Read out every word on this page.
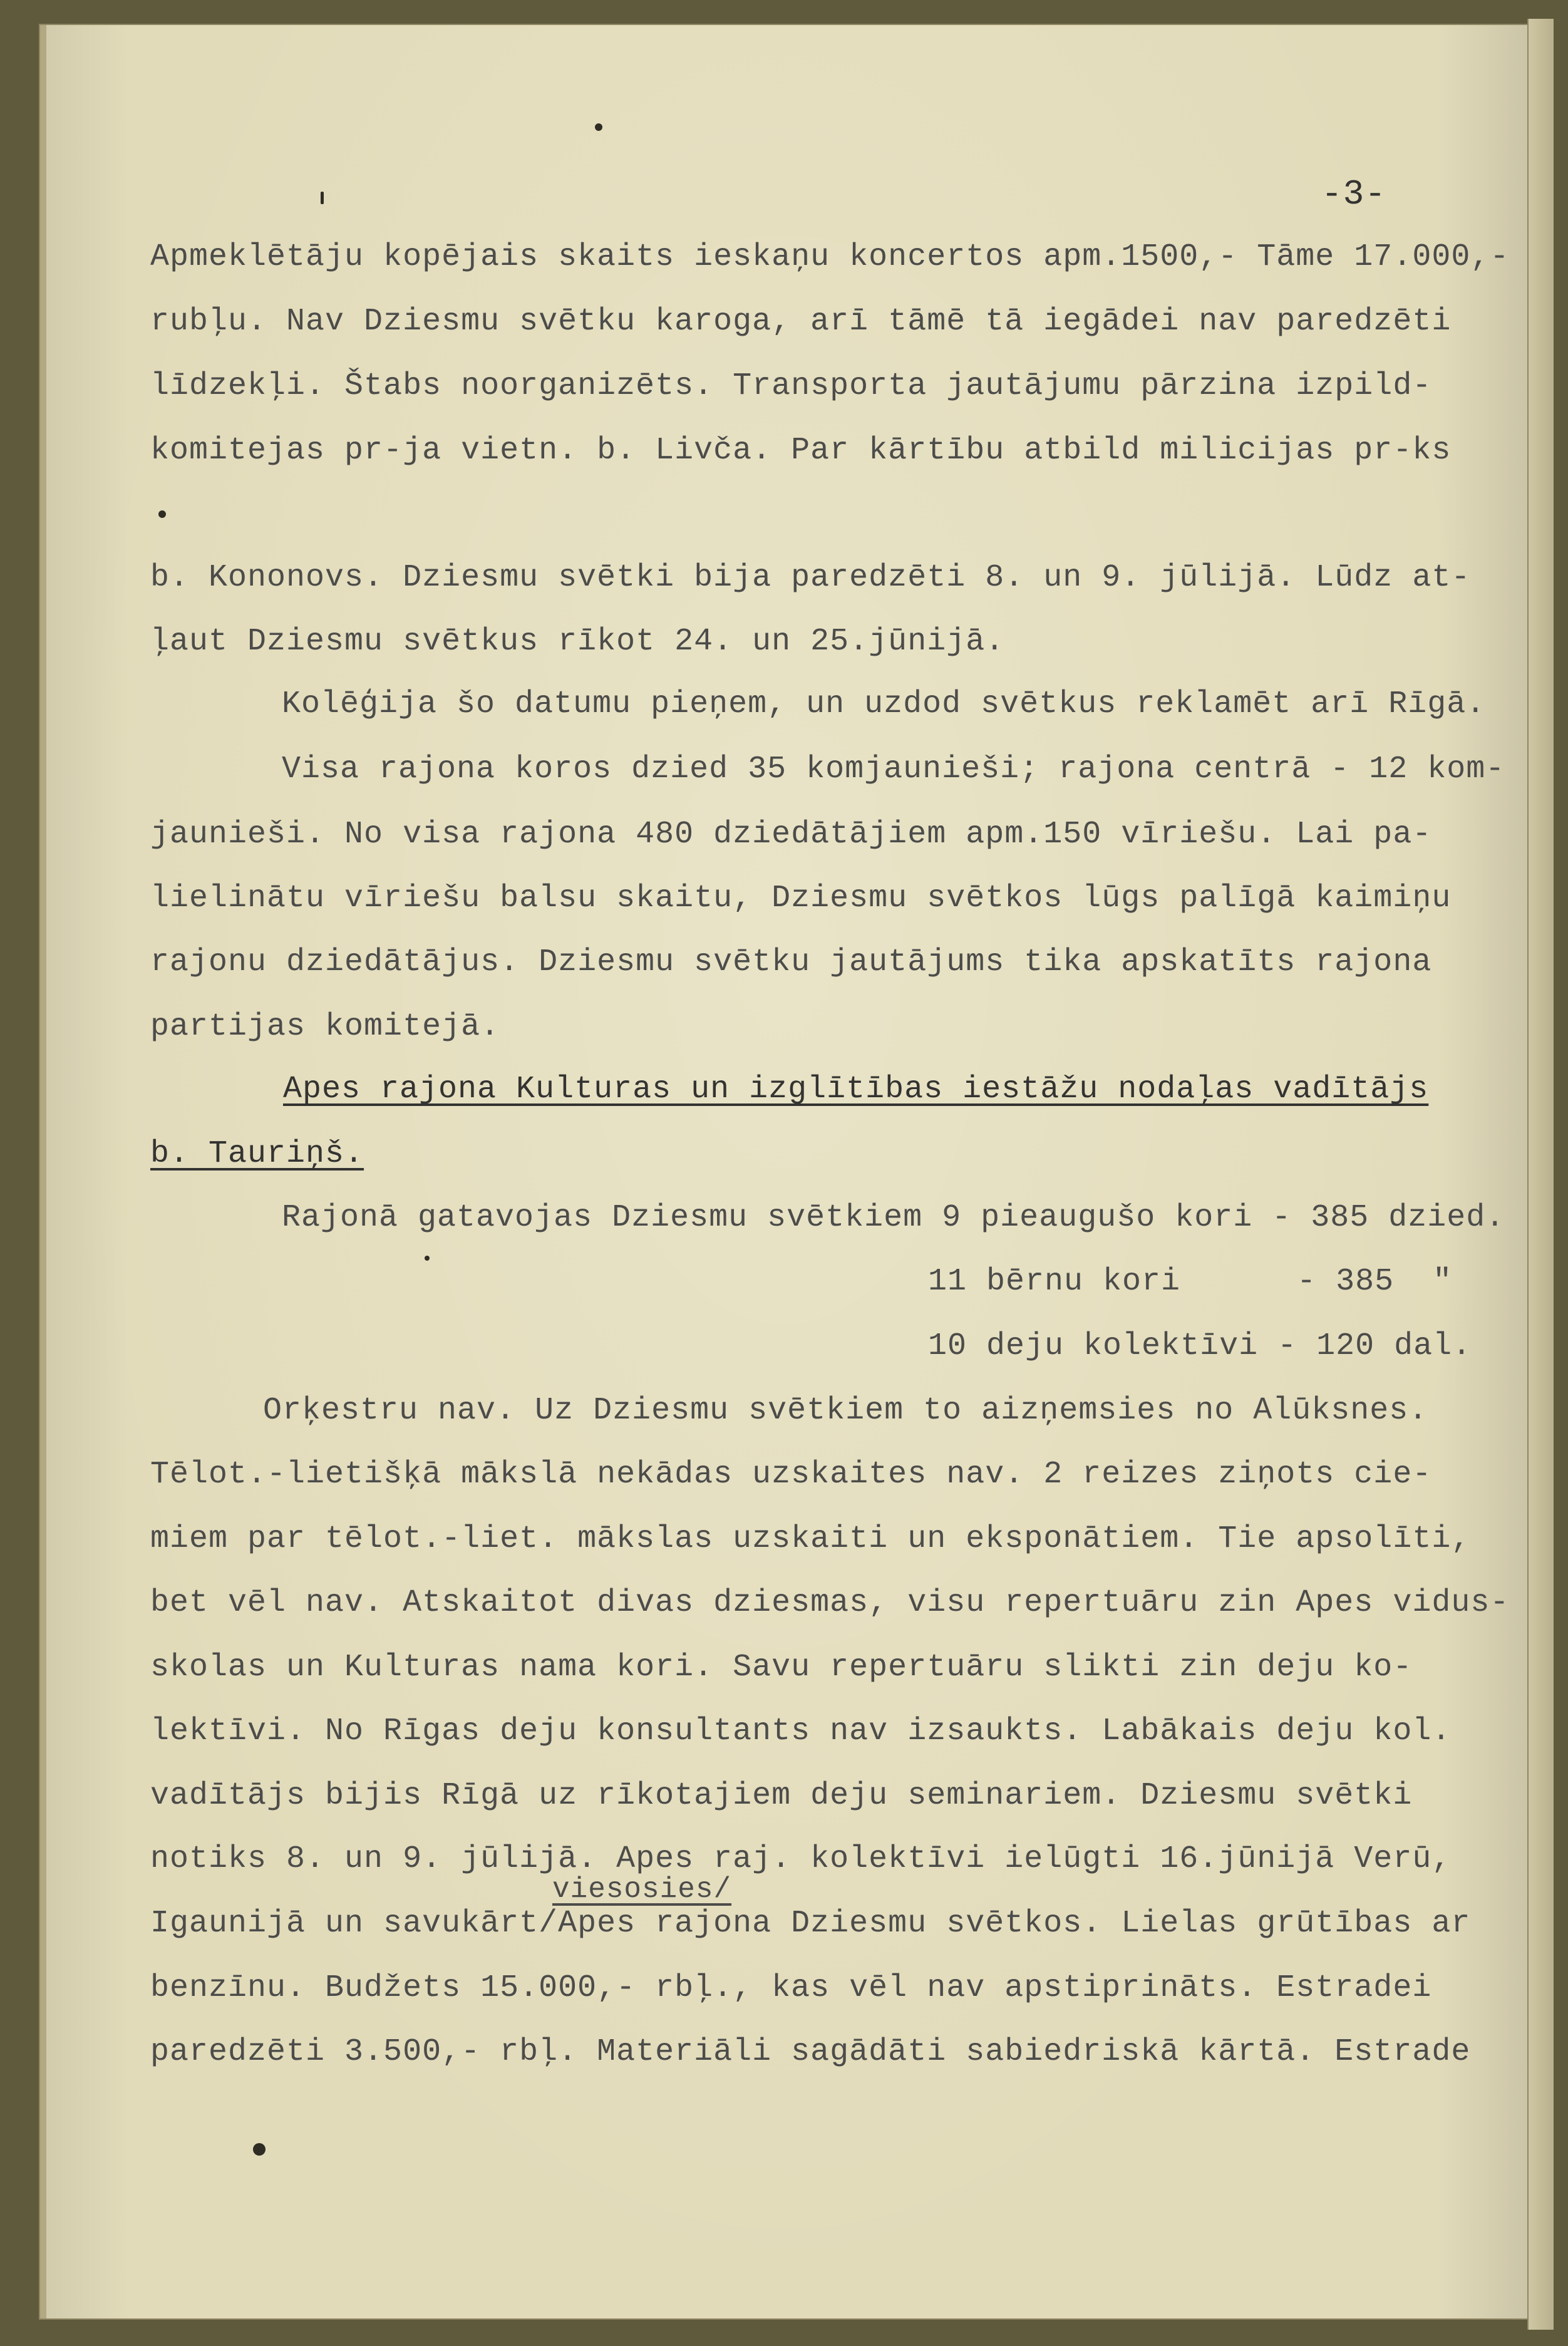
-3-
Apmeklētāju kopējais skaits ieskaņu koncertos apm.1500,- Tāme 17.000,-
rubļu. Nav Dziesmu svētku karoga, arī tāmē tā iegādei nav paredzēti
līdzekļi. Štabs noorganizēts. Transporta jautājumu pārzina izpild-
komitejas pr-ja vietn. b. Livča. Par kārtību atbild milicijas pr-ks
b. Kononovs. Dziesmu svētki bija paredzēti 8. un 9. jūlijā. Lūdz at-
ļaut Dziesmu svētkus rīkot 24. un 25.jūnijā.
Kolēģija šo datumu pieņem, un uzdod svētkus reklamēt arī Rīgā.
Visa rajona koros dzied 35 komjaunieši; rajona centrā - 12 kom-
jaunieši. No visa rajona 480 dziedātājiem apm.150 vīriešu. Lai pa-
lielinātu vīriešu balsu skaitu, Dziesmu svētkos lūgs palīgā kaimiņu
rajonu dziedātājus. Dziesmu svētku jautājums tika apskatīts rajona
partijas komitejā.
Apes rajona Kulturas un izglītības iestāžu nodaļas vadītājs
b. Tauriņš.
Rajonā gatavojas Dziesmu svētkiem 9 pieaugušo kori - 385 dzied.
11 bērnu kori      - 385  "
10 deju kolektīvi - 120 dal.
Orķestru nav. Uz Dziesmu svētkiem to aizņemsies no Alūksnes.
Tēlot.-lietišķā mākslā nekādas uzskaites nav. 2 reizes ziņots cie-
miem par tēlot.-liet. mākslas uzskaiti un eksponātiem. Tie apsolīti,
bet vēl nav. Atskaitot divas dziesmas, visu repertuāru zin Apes vidus-
skolas un Kulturas nama kori. Savu repertuāru slikti zin deju ko-
lektīvi. No Rīgas deju konsultants nav izsaukts. Labākais deju kol.
vadītājs bijis Rīgā uz rīkotajiem deju seminariem. Dziesmu svētki
notiks 8. un 9. jūlijā. Apes raj. kolektīvi ielūgti 16.jūnijā Verū,
viesosies/
Igaunijā un savukārt/Apes rajona Dziesmu svētkos. Lielas grūtības ar
benzīnu. Budžets 15.000,- rbļ., kas vēl nav apstiprināts. Estradei
paredzēti 3.500,- rbļ. Materiāli sagādāti sabiedriskā kārtā. Estrade
